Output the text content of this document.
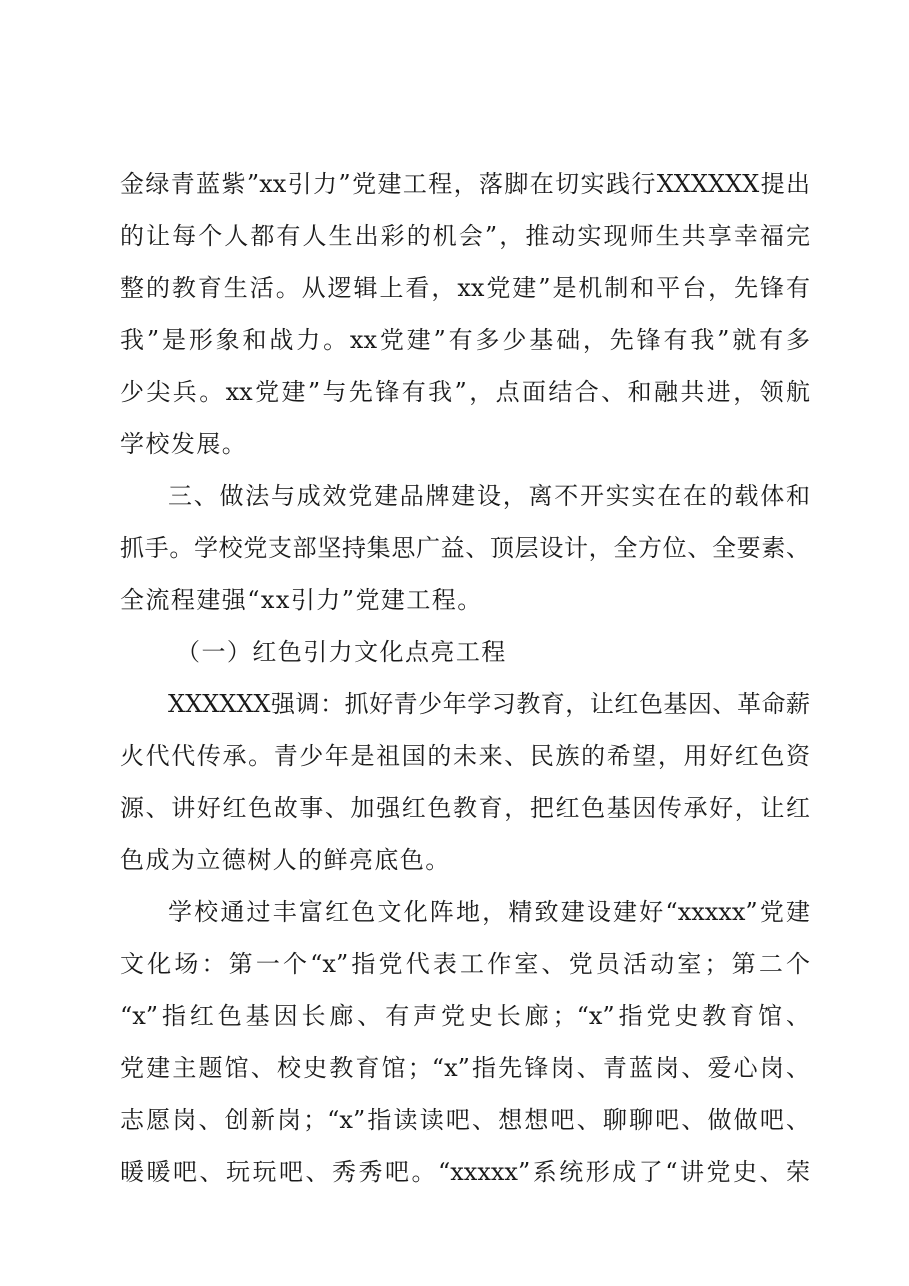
金绿青蓝紫”xx引力”党建工程，落脚在切实践行XXXXXX提出
的让每个人都有人生出彩的机会”，推动实现师生共享幸福完
整的教育生活。从逻辑上看，xx党建”是机制和平台，先锋有
我”是形象和战力。xx党建”有多少基础，先锋有我”就有多
少尖兵。xx党建”与先锋有我”，点面结合、和融共进，领航
学校发展。
三、做法与成效党建品牌建设，离不开实实在在的载体和
抓手。学校党支部坚持集思广益、顶层设计，全方位、全要素、
全流程建强“xx引力”党建工程。
（一）红色引力文化点亮工程
XXXXXX强调：抓好青少年学习教育，让红色基因、革命薪
火代代传承。青少年是祖国的未来、民族的希望，用好红色资
源、讲好红色故事、加强红色教育，把红色基因传承好，让红
色成为立德树人的鲜亮底色。
学校通过丰富红色文化阵地，精致建设建好“xxxxx”党建
文化场：第一个“x”指党代表工作室、党员活动室；第二个
“x”指红色基因长廊、有声党史长廊；“x”指党史教育馆、
党建主题馆、校史教育馆；“x”指先锋岗、青蓝岗、爱心岗、
志愿岗、创新岗；“x”指读读吧、想想吧、聊聊吧、做做吧、
暖暖吧、玩玩吧、秀秀吧。“xxxxx”系统形成了“讲党史、荣
